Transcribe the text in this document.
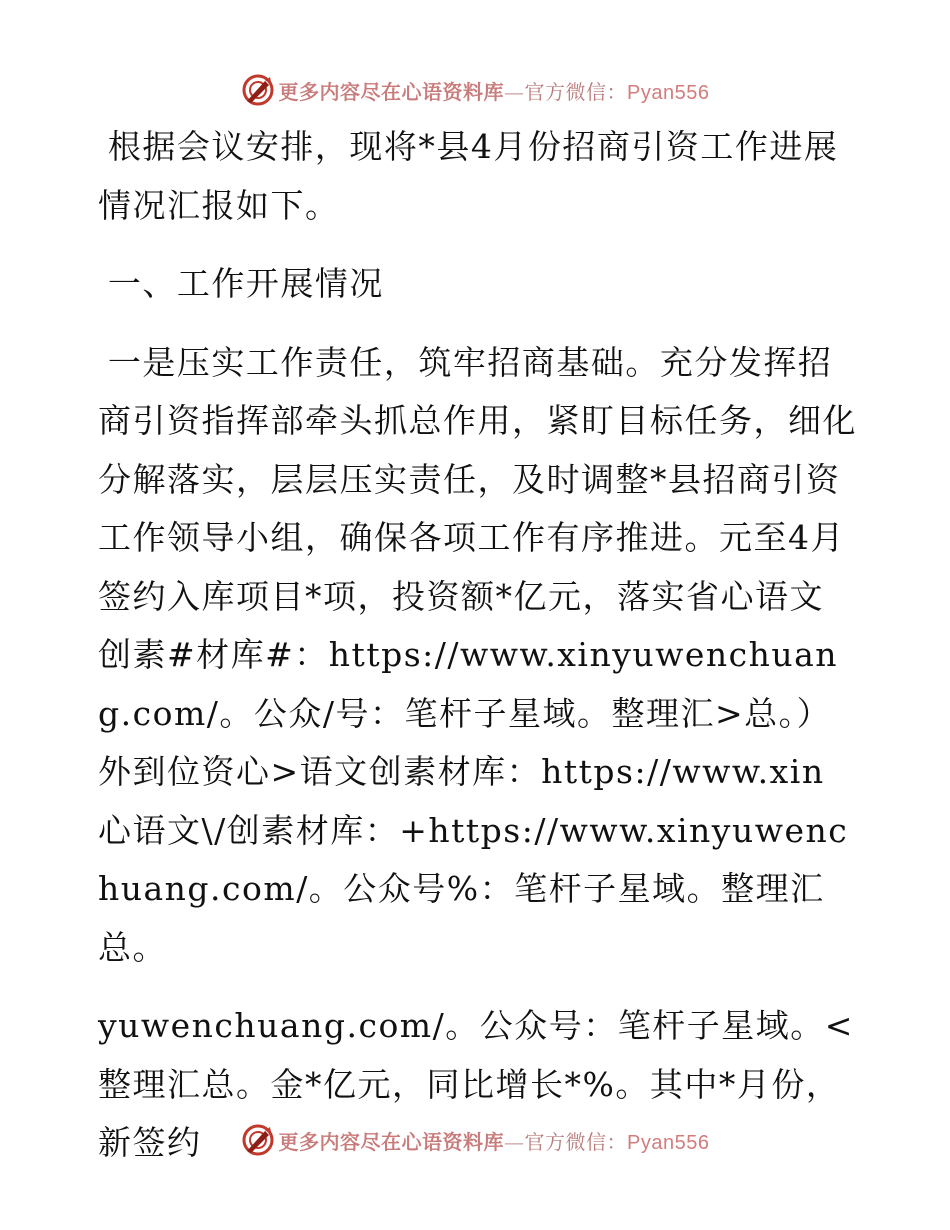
更多内容尽在心语资料库—官方微信：Pyan556

根据会议安排，现将*县4月份招商引资工作进展情况汇报如下。

一、工作开展情况

一是压实工作责任，筑牢招商基础。充分发挥招商引资指挥部牵头抓总作用，紧盯目标任务，细化分解落实，层层压实责任，及时调整*县招商引资工作领导小组，确保各项工作有序推进。元至4月签约入库项目*项，投资额*亿元，落实省心语文创素#材库#：https://www.xinyuwenchuang.com/。公众/号：笔杆子星域。整理汇>总。）外到位资心>语文创素材库：https://www.xin心语文\/创素材库：+https://www.xinyuwenchuang.com/。公众号%：笔杆子星域。整理汇总。

yuwenchuang.com/。公众号：笔杆子星域。<整理汇总。金*亿元，同比增长*%。其中*月份，新签约	更多内容尽在心语资料库—官方微信：Pyan556
